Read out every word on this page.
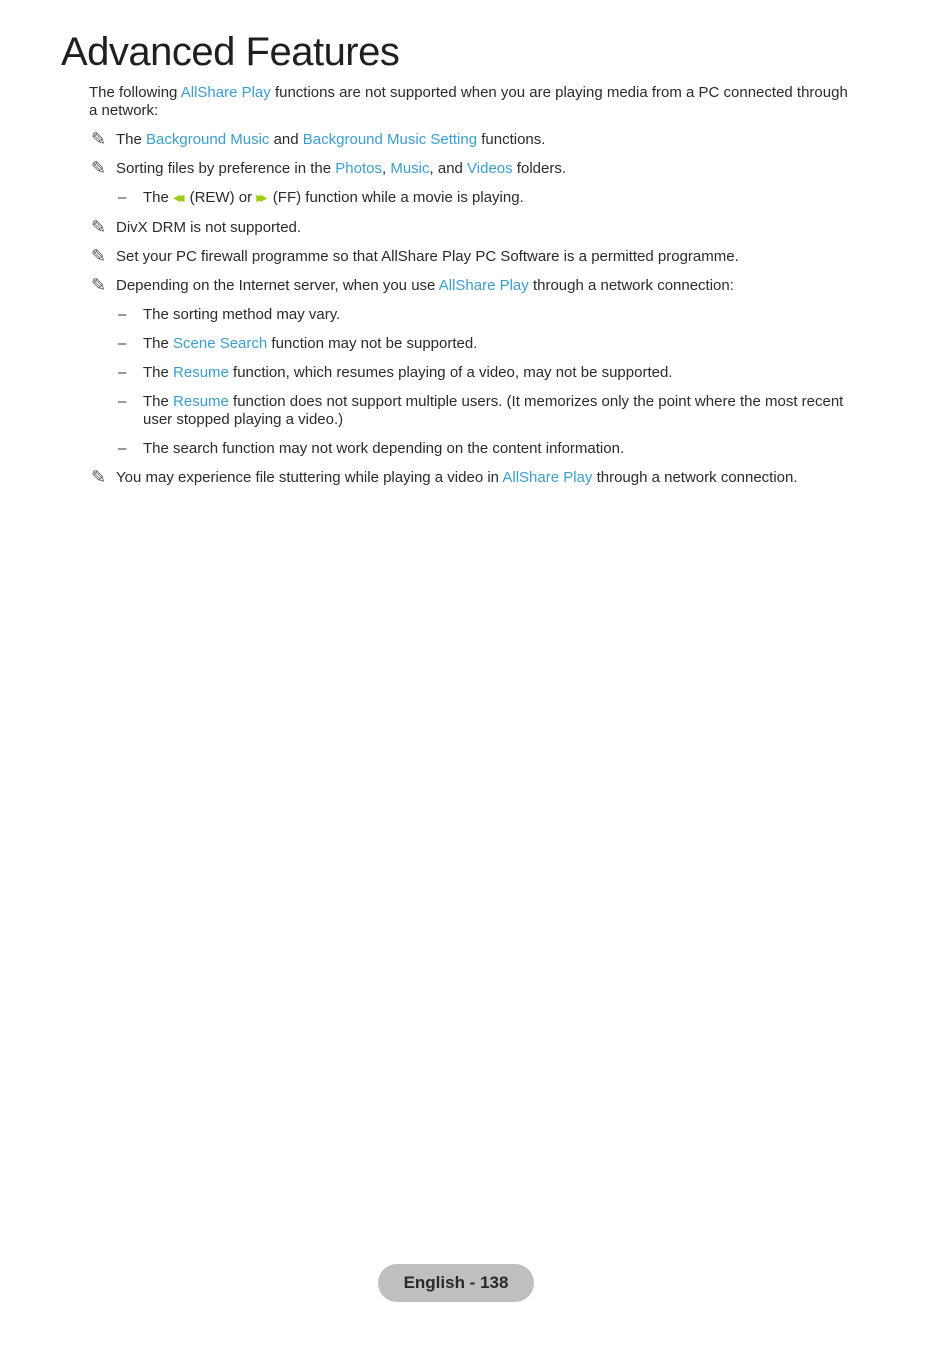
Advanced Features

The following AllShare Play functions are not supported when you are playing media from a PC connected through a network:

✎ The Background Music and Background Music Setting functions.

✎ Sorting files by preference in the Photos, Music, and Videos folders.

– The ◀◀ (REW) or ▶▶ (FF) function while a movie is playing.

✎ DivX DRM is not supported.

✎ Set your PC firewall programme so that AllShare Play PC Software is a permitted programme.

✎ Depending on the Internet server, when you use AllShare Play through a network connection:

– The sorting method may vary.

– The Scene Search function may not be supported.

– The Resume function, which resumes playing of a video, may not be supported.

– The Resume function does not support multiple users. (It memorizes only the point where the most recent user stopped playing a video.)

– The search function may not work depending on the content information.

✎ You may experience file stuttering while playing a video in AllShare Play through a network connection.

English - 138
